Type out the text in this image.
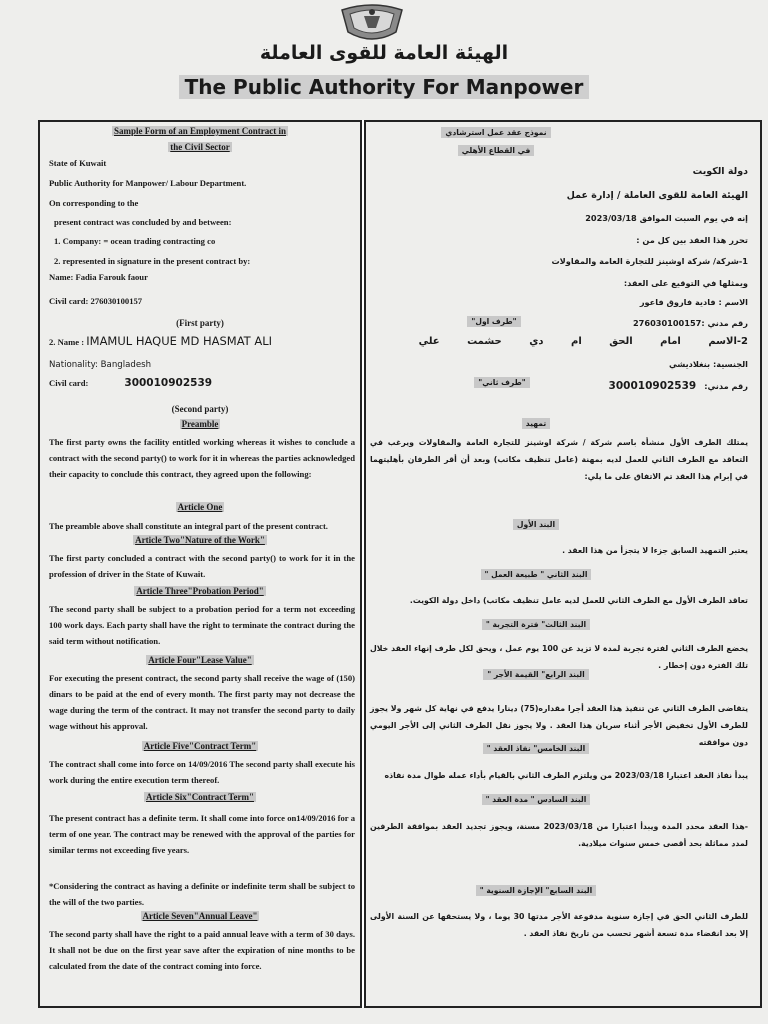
الهيئة العامة للقوى العاملة
The Public Authority For Manpower
Sample Form of an Employment Contract in
the Civil Sector
State of Kuwait
Public Authority for Manpower/ Labour Department.
On corresponding to the
present contract was concluded by and between:
1. Company: = ocean trading contracting co
2. represented in signature in the present contract by:
Name: Fadia Farouk faour
Civil card: 276030100157
(First party)
2. Name : IMAMUL HAQUE MD HASMAT ALI
Nationality: Bangladesh
Civil card:	300010902539
(Second party)
Preamble
The first party owns the facility entitled working whereas it wishes to conclude a contract with the second party() to work for it in whereas the parties acknowledged their capacity to conclude this contract, they agreed upon the following:
Article One
The preamble above shall constitute an integral part of the present contract.
Article Two"Nature of the Work"
The first party concluded a contract with the second party() to work for it in the profession of driver in the State of Kuwait.
Article Three"Probation Period"
The second party shall be subject to a probation period for a term not exceeding 100 work days. Each party shall have the right to terminate the contract during the said term without notification.
Article Four"Lease Value"
For executing the present contract, the second party shall receive the wage of (150) dinars to be paid at the end of every month. The first party may not decrease the wage during the term of the contract. It may not transfer the second party to daily wage without his approval.
Article Five"Contract Term"
The contract shall come into force on 14/09/2016 The second party shall execute his work during the entire execution term thereof.
Article Six"Contract Term"
The present contract has a definite term. It shall come into force on14/09/2016 for a term of one year. The contract may be renewed with the approval of the parties for similar terms not exceeding five years.
*Considering the contract as having a definite or indefinite term shall be subject to the will of the two parties.
Article Seven"Annual Leave"
The second party shall have the right to a paid annual leave with a term of 30 days. It shall not be due on the first year save after the expiration of nine months to be calculated from the date of the contract coming into force.
نموذج عقد عمل استرشادي
في القطاع الأهلي
دولة الكويت
الهيئة العامة للقوى العاملة / إدارة عمل
إنه في يوم السبت الموافق 2023/03/18
تحرر هذا العقد بين كل من :
1-شركة/ شركة اوشينز للتجارة العامة والمقاولات
ويمثلها في التوقيع على العقد:
الاسم : فادية فاروق فاعور
رقم مدني :276030100157
"طرف اول"
2-الاسم امام الحق ام دي حشمت علي
الجنسية: بنغلاديشي
رقم مدني:300010902539
"طرف ثاني"
تمهيد
يمتلك الطرف الأول منشأة باسم شركة / شركة اوشينز للتجارة العامة والمقاولات ويرغب في التعاقد مع الطرف الثاني للعمل لديه بمهنة (عامل تنظيف مكاتب) وبعد أن أقر الطرفان بأهليتهما في إبرام هذا العقد تم الاتفاق على ما يلي:
البند الأول
يعتبر التمهيد السابق جزءا لا يتجزأ من هذا العقد .
البند الثاني " طبيعة العمل "
تعاقد الطرف الأول مع الطرف الثاني للعمل لديه عامل تنظيف مكاتب) داخل دولة الكويت.
البند الثالث" فترة التجربة "
يخضع الطرف الثاني لفترة تجربة لمدة لا تزيد عن 100 يوم عمل ، ويحق لكل طرف إنهاء العقد خلال تلك الفترة دون إخطار .
البند الرابع" القيمة الأجر "
يتقاضى الطرف الثاني عن تنفيذ هذا العقد أجرا مقداره(75) دينارا يدفع في نهاية كل شهر ولا يجوز للطرف الأول تخفيض الأجر أثناء سريان هذا العقد . ولا يجوز نقل الطرف الثاني إلى الأجر اليومي دون موافقته
البند الخامس" نفاذ العقد "
يبدأ نفاذ العقد اعتبارا 2023/03/18 من ويلتزم الطرف الثاني بالقيام بأداء عمله طوال مدة نفاذه
البند السادس " مدة العقد "
-هذا العقد محدد المدة ويبدأ اعتبارا من 2023/03/18 مسنة، ويجوز تجديد العقد بموافقة الطرفين لمدد مماثلة بحد أقصى خمس سنوات ميلادية.
البند السابع" الإجازة السنوية "
للطرف الثاني الحق في إجازة سنوية مدفوعة الأجر مدتها 30 يوما ، ولا يستحقها عن السنة الأولى إلا بعد انقضاء مدة تسعة أشهر تحسب من تاريخ نفاذ العقد .
